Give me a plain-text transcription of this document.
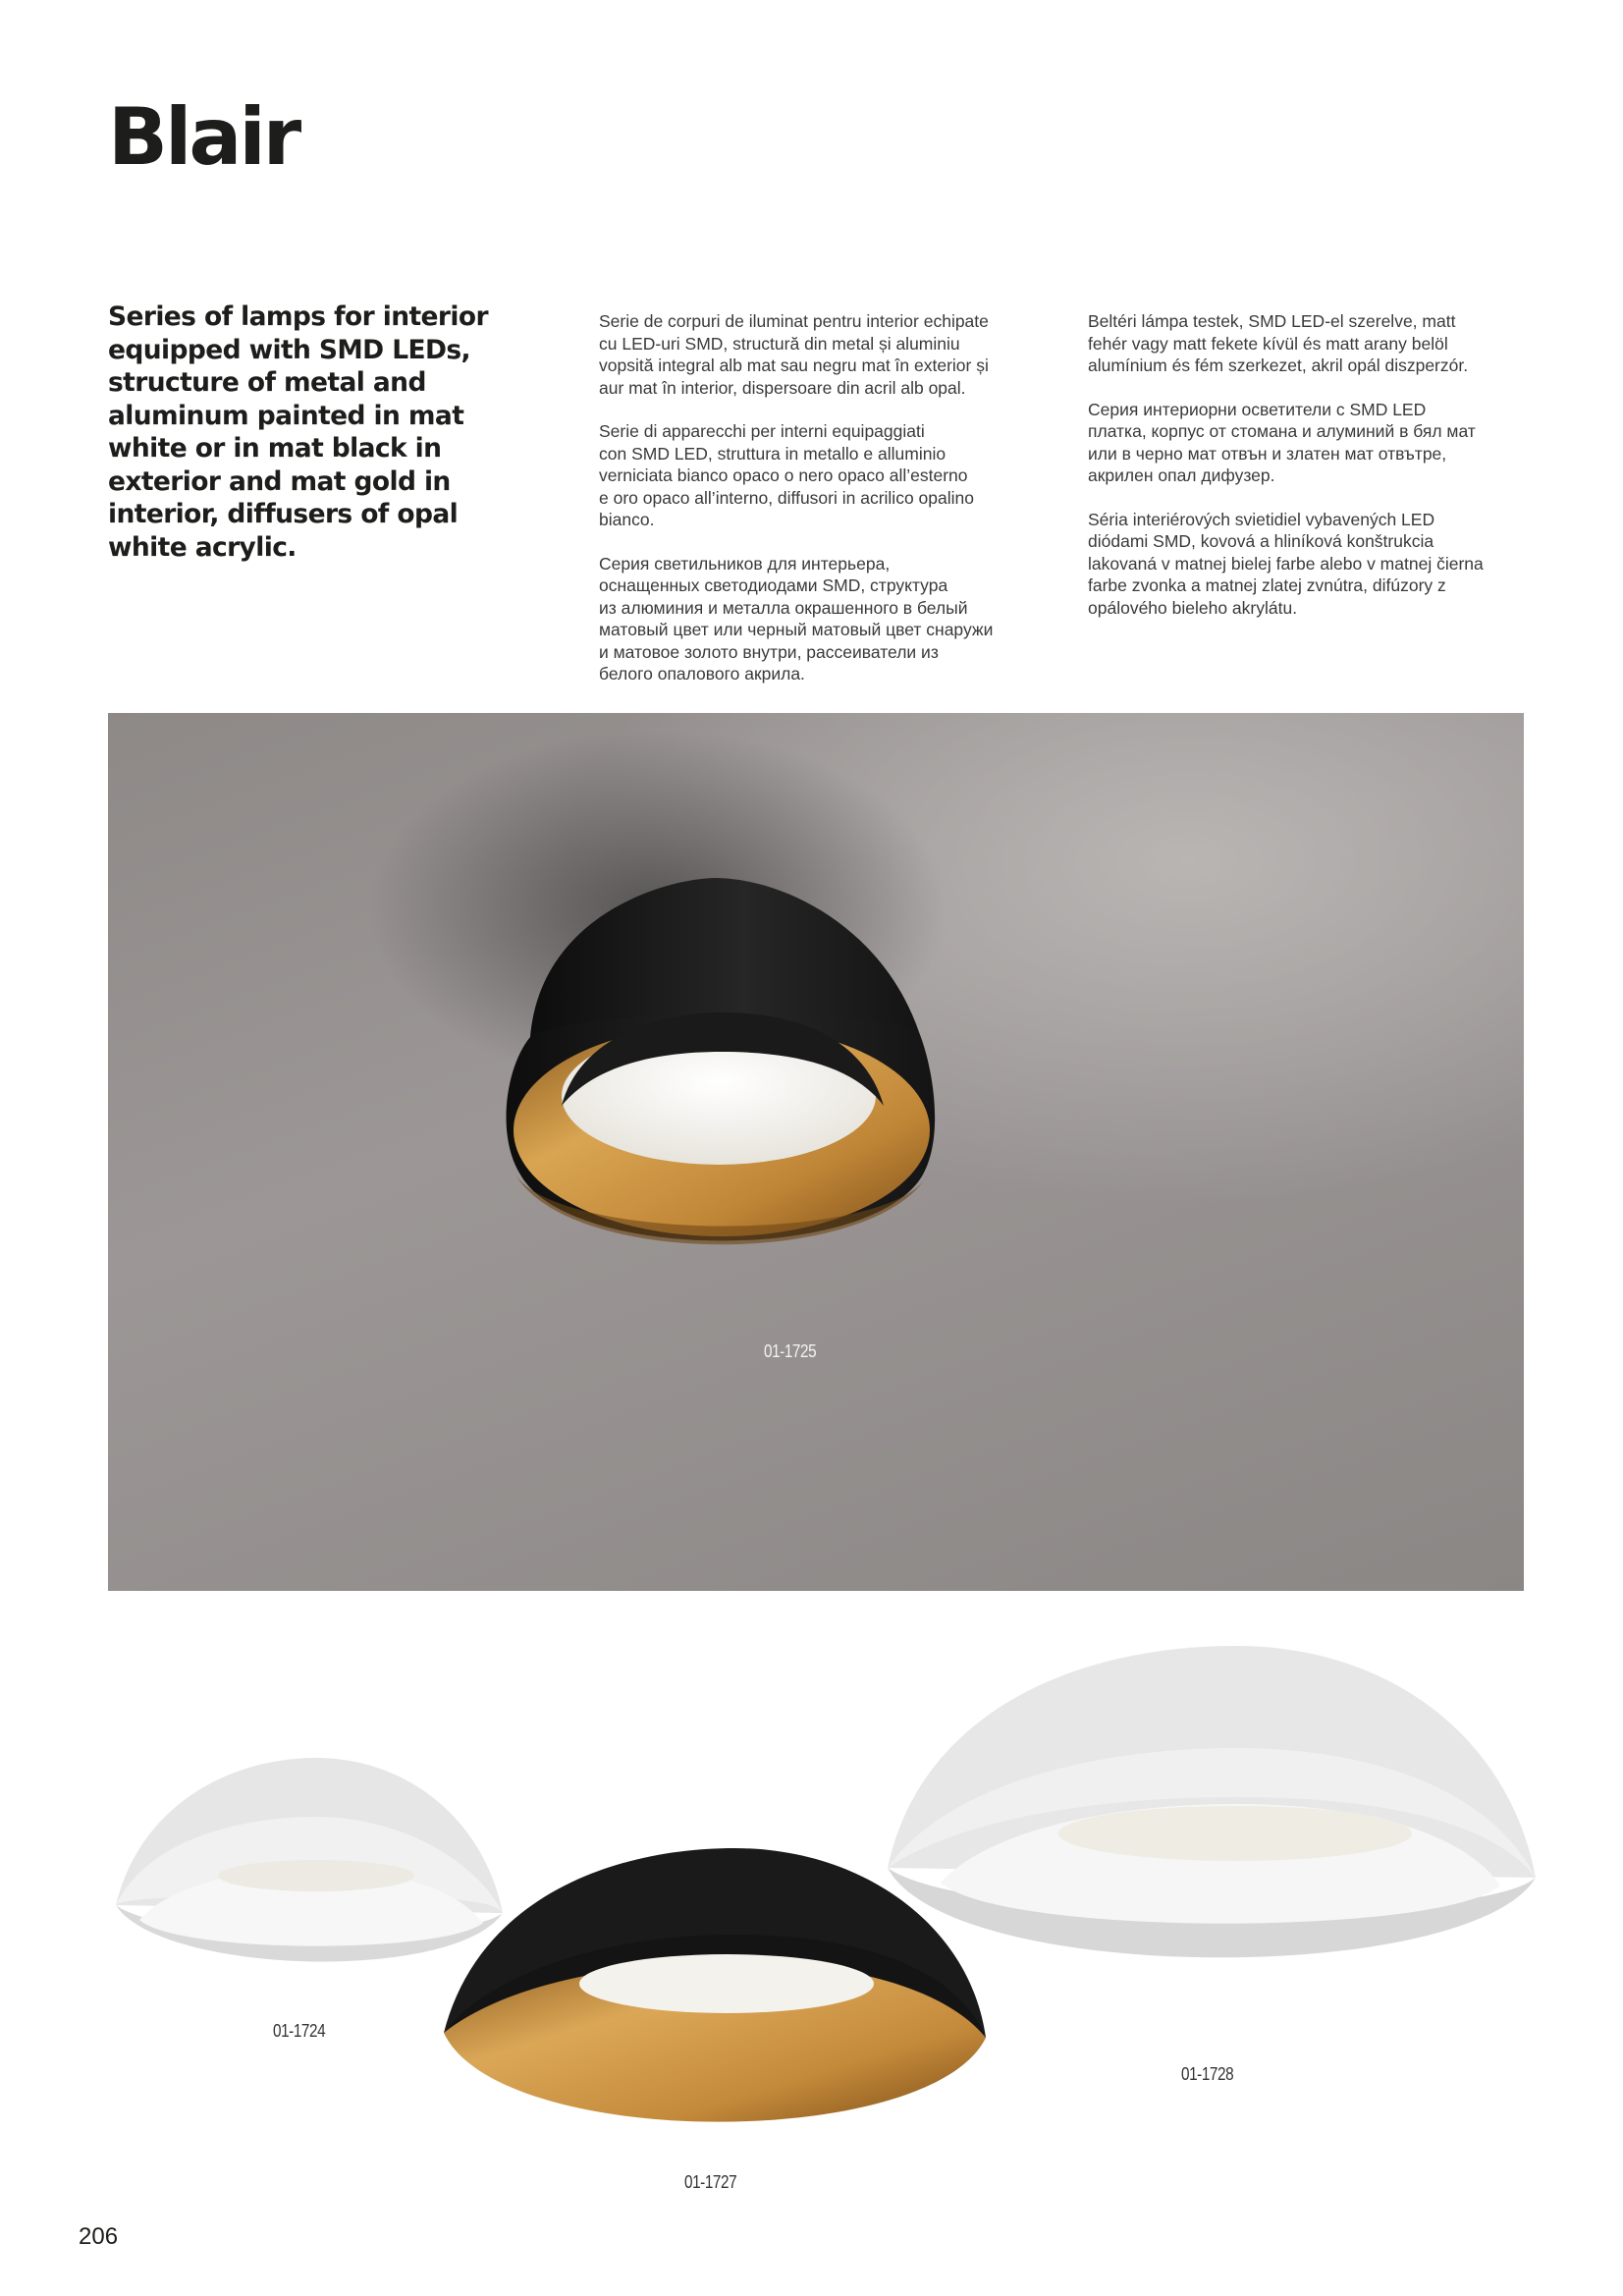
Blair

Series of lamps for interior equipped with SMD LEDs, structure of metal and aluminum painted in mat white or in mat black in exterior and mat gold in interior, diffusers of opal white acrylic.

Serie de corpuri de iluminat pentru interior echipate
cu LED-uri SMD, structură din metal și aluminiu
vopsită integral alb mat sau negru mat în exterior și
aur mat în interior, dispersoare din acril alb opal.

Serie di apparecchi per interni equipaggiati
con SMD LED, struttura in metallo e alluminio
verniciata bianco opaco o nero opaco all’esterno
e oro opaco all’interno, diffusori in acrilico opalino
bianco.

Серия светильников для интерьера,
оснащенных светодиодами SMD, структура
из алюминия и металла окрашенного в белый
матовый цвет или черный матовый цвет снаружи
и матовое золото внутри, рассеиватели из
белого опалового акрила.

Beltéri lámpa testek, SMD LED-el szerelve, matt
fehér vagy matt fekete kívül és matt arany belöl
alumínium és fém szerkezet, akril opál diszperzór.

Серия интериорни осветители с SMD LED
платка, корпус от стомана и алуминий в бял мат
или в черно мат отвън и златен мат отвътре,
акрилен опал дифузер.

Séria interiérových svietidiel vybavených LED
diódami SMD, kovová a hliníková konštrukcia
lakovaná v matnej bielej farbe alebo v matnej čierna
farbe zvonka a matnej zlatej zvnútra, difúzory z
opálového bieleho akrylátu.

01-1725
01-1724
01-1727
01-1728
206
